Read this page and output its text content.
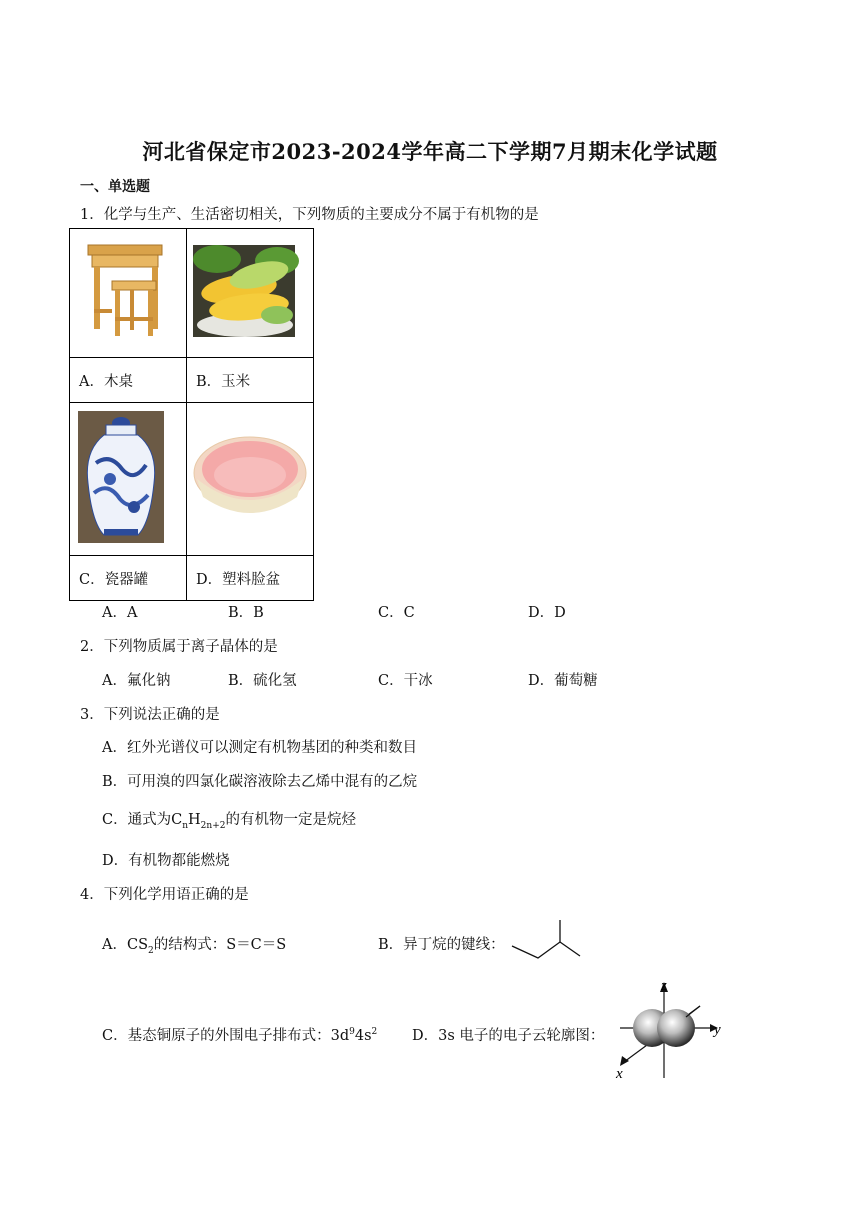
河北省保定市2023-2024学年高二下学期7月期末化学试题
一、单选题
1．化学与生产、生活密切相关，下列物质的主要成分不属于有机物的是

A．木桌	B．玉米

C．瓷器罐	D．塑料脸盆
A．A	B．B	C．C	D．D
2．下列物质属于离子晶体的是
A．氟化钠	B．硫化氢	C．干冰	D．葡萄糖
3．下列说法正确的是
A．红外光谱仪可以测定有机物基团的种类和数目
B．可用溴的四氯化碳溶液除去乙烯中混有的乙烷
C．通式为$C_nH_{2n+2}$的有机物一定是烷烃
D．有机物都能燃烧
4．下列化学用语正确的是
A．$CS_2$的结构式：S＝C＝S	B．异丁烷的键线：
C．基态铜原子的外围电子排布式：$3d^94s^2$ D．3s 电子的电子云轮廓图：
z
y
x
